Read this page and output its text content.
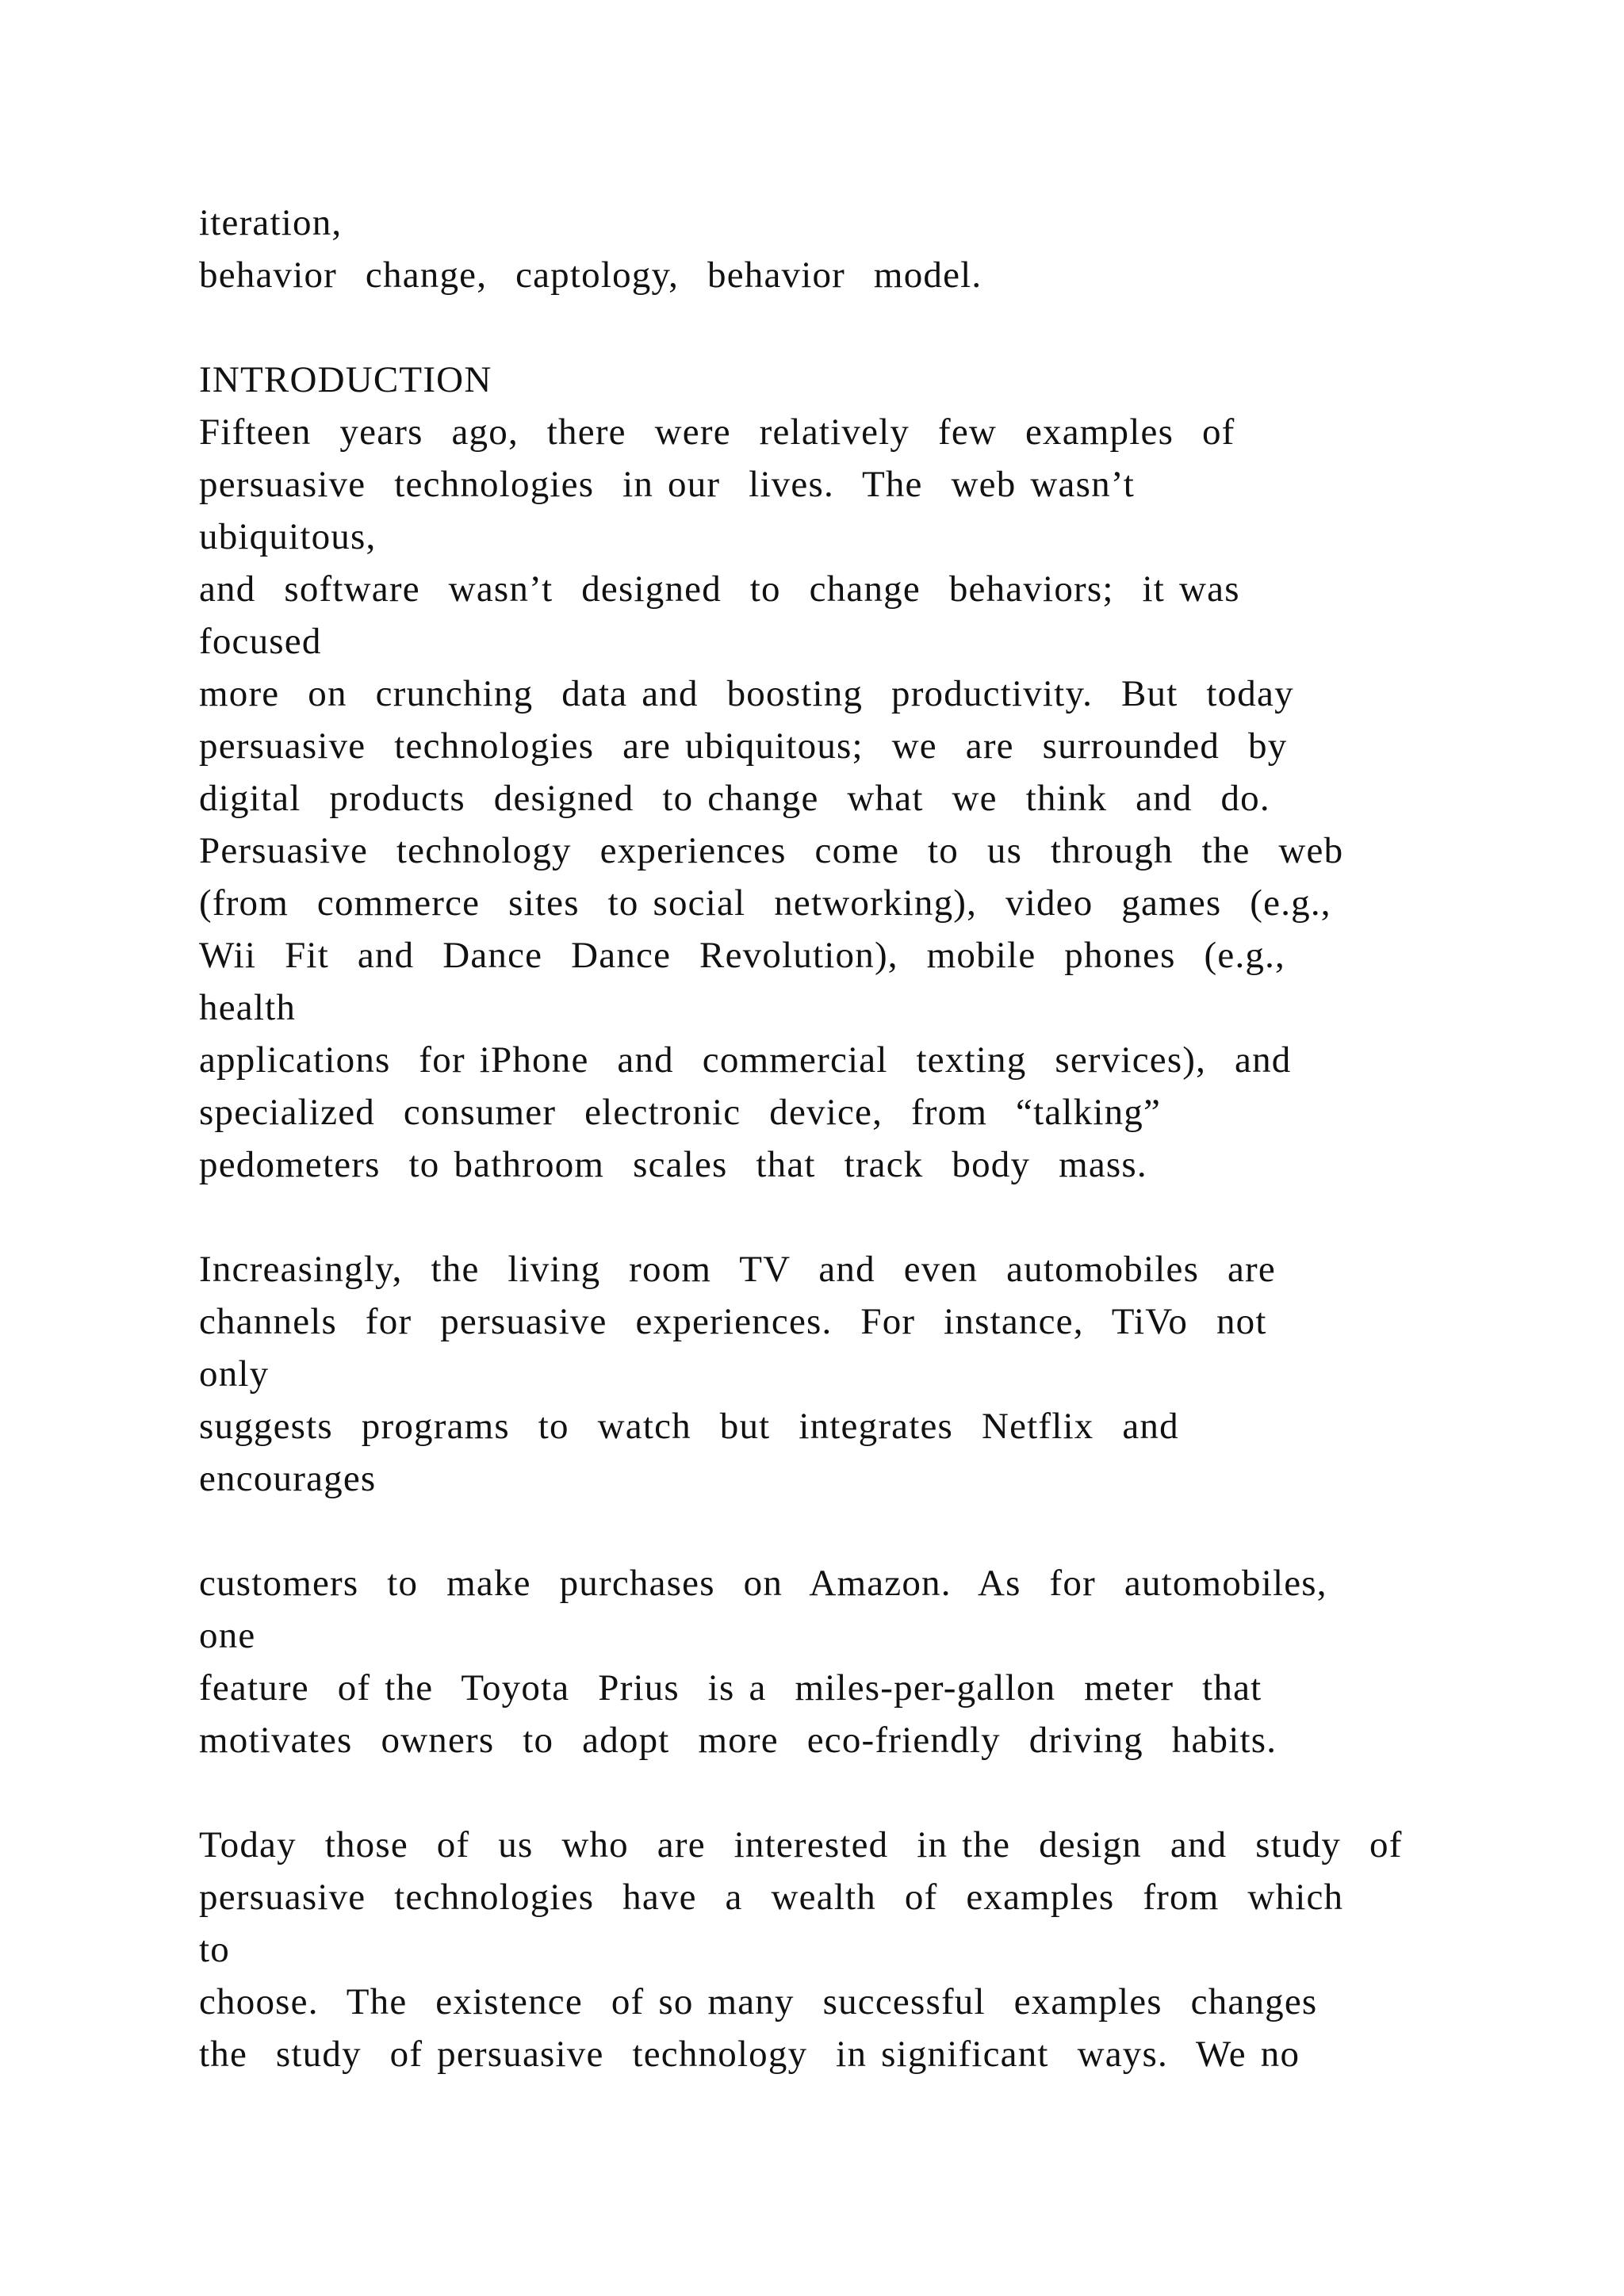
iteration,
behavior  change,  captology,  behavior  model.
INTRODUCTION
Fifteen  years  ago,  there  were  relatively  few  examples  of
persuasive  technologies  in our  lives.  The  web wasn’t
ubiquitous,
and  software  wasn’t  designed  to  change  behaviors;  it was
focused
more  on  crunching  data and  boosting  productivity.  But  today
persuasive  technologies  are ubiquitous;  we  are  surrounded  by
digital  products  designed  to change  what  we  think  and  do.
Persuasive  technology  experiences  come  to  us  through  the  web
(from  commerce  sites  to social  networking),  video  games  (e.g.,
Wii  Fit  and  Dance  Dance  Revolution),  mobile  phones  (e.g.,
health
applications  for iPhone  and  commercial  texting  services),  and
specialized  consumer  electronic  device,  from  “talking”
pedometers  to bathroom  scales  that  track  body  mass.
Increasingly,  the  living  room  TV  and  even  automobiles  are
channels  for  persuasive  experiences.  For  instance,  TiVo  not
only
suggests  programs  to  watch  but  integrates  Netflix  and
encourages
customers  to  make  purchases  on  Amazon.  As  for  automobiles,
one
feature  of the  Toyota  Prius  is a  miles-per-gallon  meter  that
motivates  owners  to  adopt  more  eco-friendly  driving  habits.
Today  those  of  us  who  are  interested  in the  design  and  study  of
persuasive  technologies  have  a  wealth  of  examples  from  which
to
choose.  The  existence  of so many  successful  examples  changes
the  study  of persuasive  technology  in significant  ways.  We no
